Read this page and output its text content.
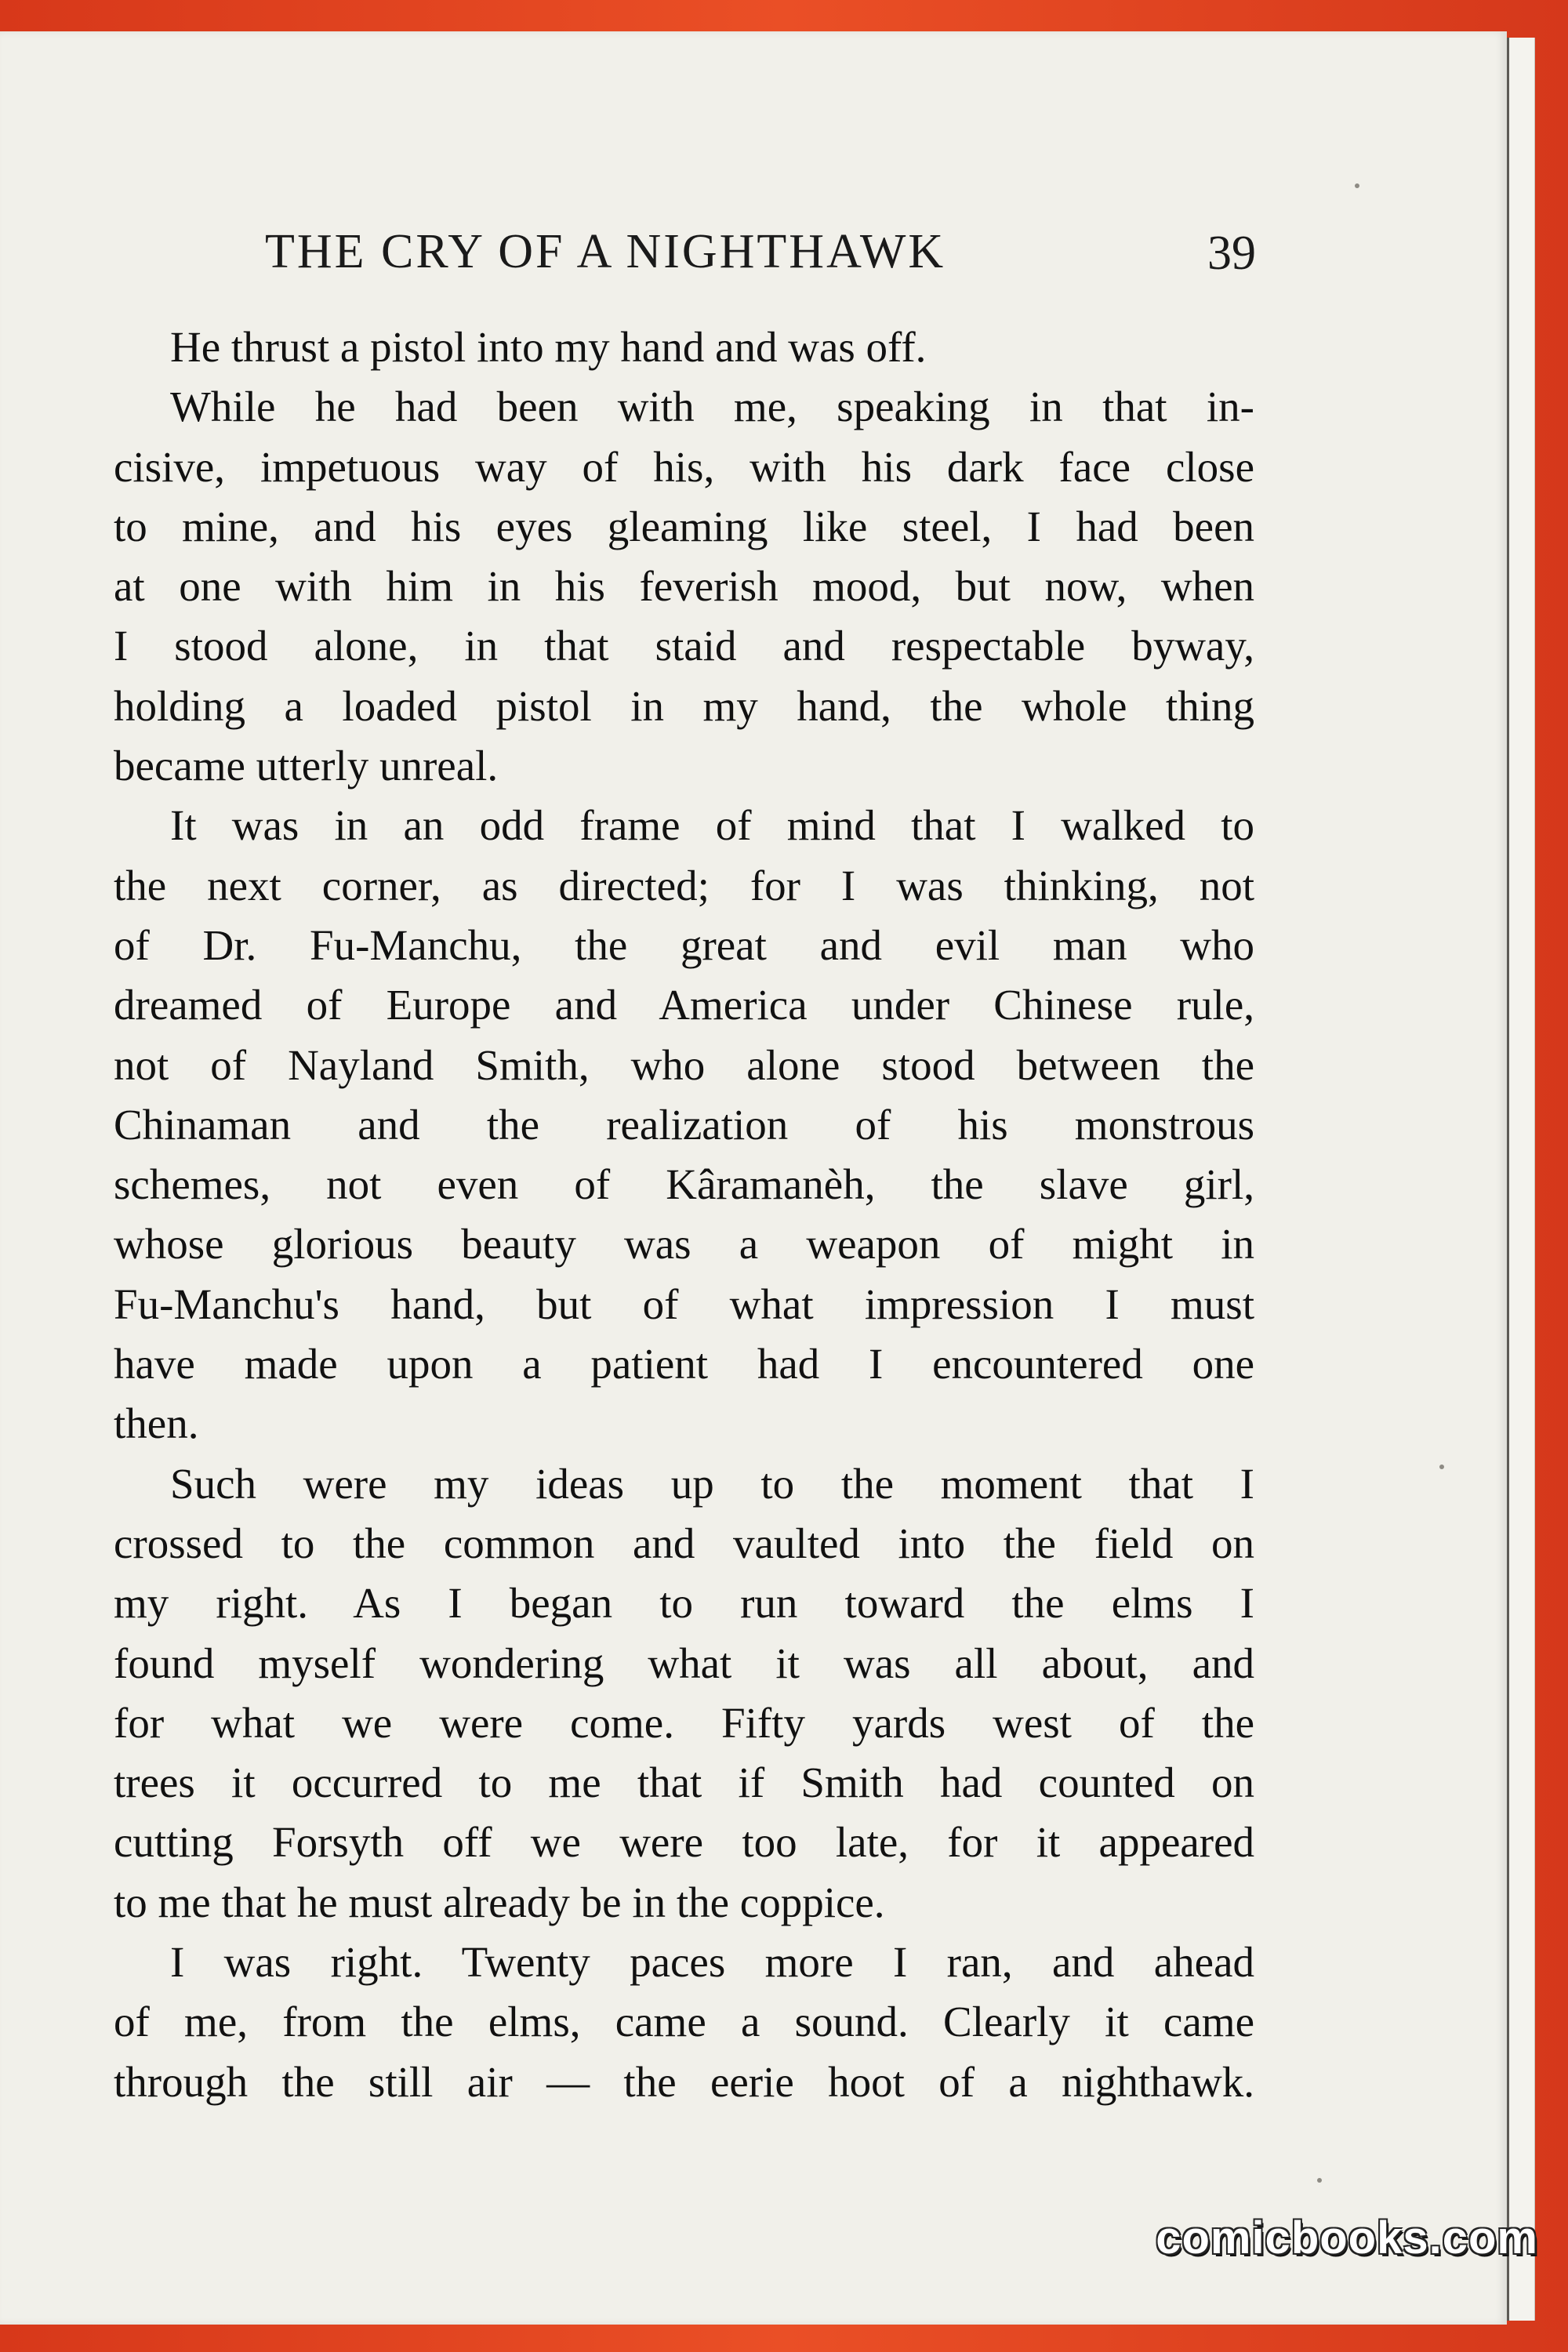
THE CRY OF A NIGHTHAWK	39
He thrust a pistol into my hand and was off.
While he had been with me, speaking in that in-
cisive, impetuous way of his, with his dark face close
to mine, and his eyes gleaming like steel, I had been
at one with him in his feverish mood, but now, when
I stood alone, in that staid and respectable byway,
holding a loaded pistol in my hand, the whole thing
became utterly unreal.
It was in an odd frame of mind that I walked to
the next corner, as directed; for I was thinking, not
of Dr. Fu-Manchu, the great and evil man who
dreamed of Europe and America under Chinese rule,
not of Nayland Smith, who alone stood between the
Chinaman and the realization of his monstrous
schemes, not even of Kâramanèh, the slave girl,
whose glorious beauty was a weapon of might in
Fu-Manchu's hand, but of what impression I must
have made upon a patient had I encountered one
then.
Such were my ideas up to the moment that I
crossed to the common and vaulted into the field on
my right. As I began to run toward the elms I
found myself wondering what it was all about, and
for what we were come. Fifty yards west of the
trees it occurred to me that if Smith had counted on
cutting Forsyth off we were too late, for it appeared
to me that he must already be in the coppice.
I was right. Twenty paces more I ran, and ahead
of me, from the elms, came a sound. Clearly it came
through the still air — the eerie hoot of a nighthawk.
comicbooks.com
